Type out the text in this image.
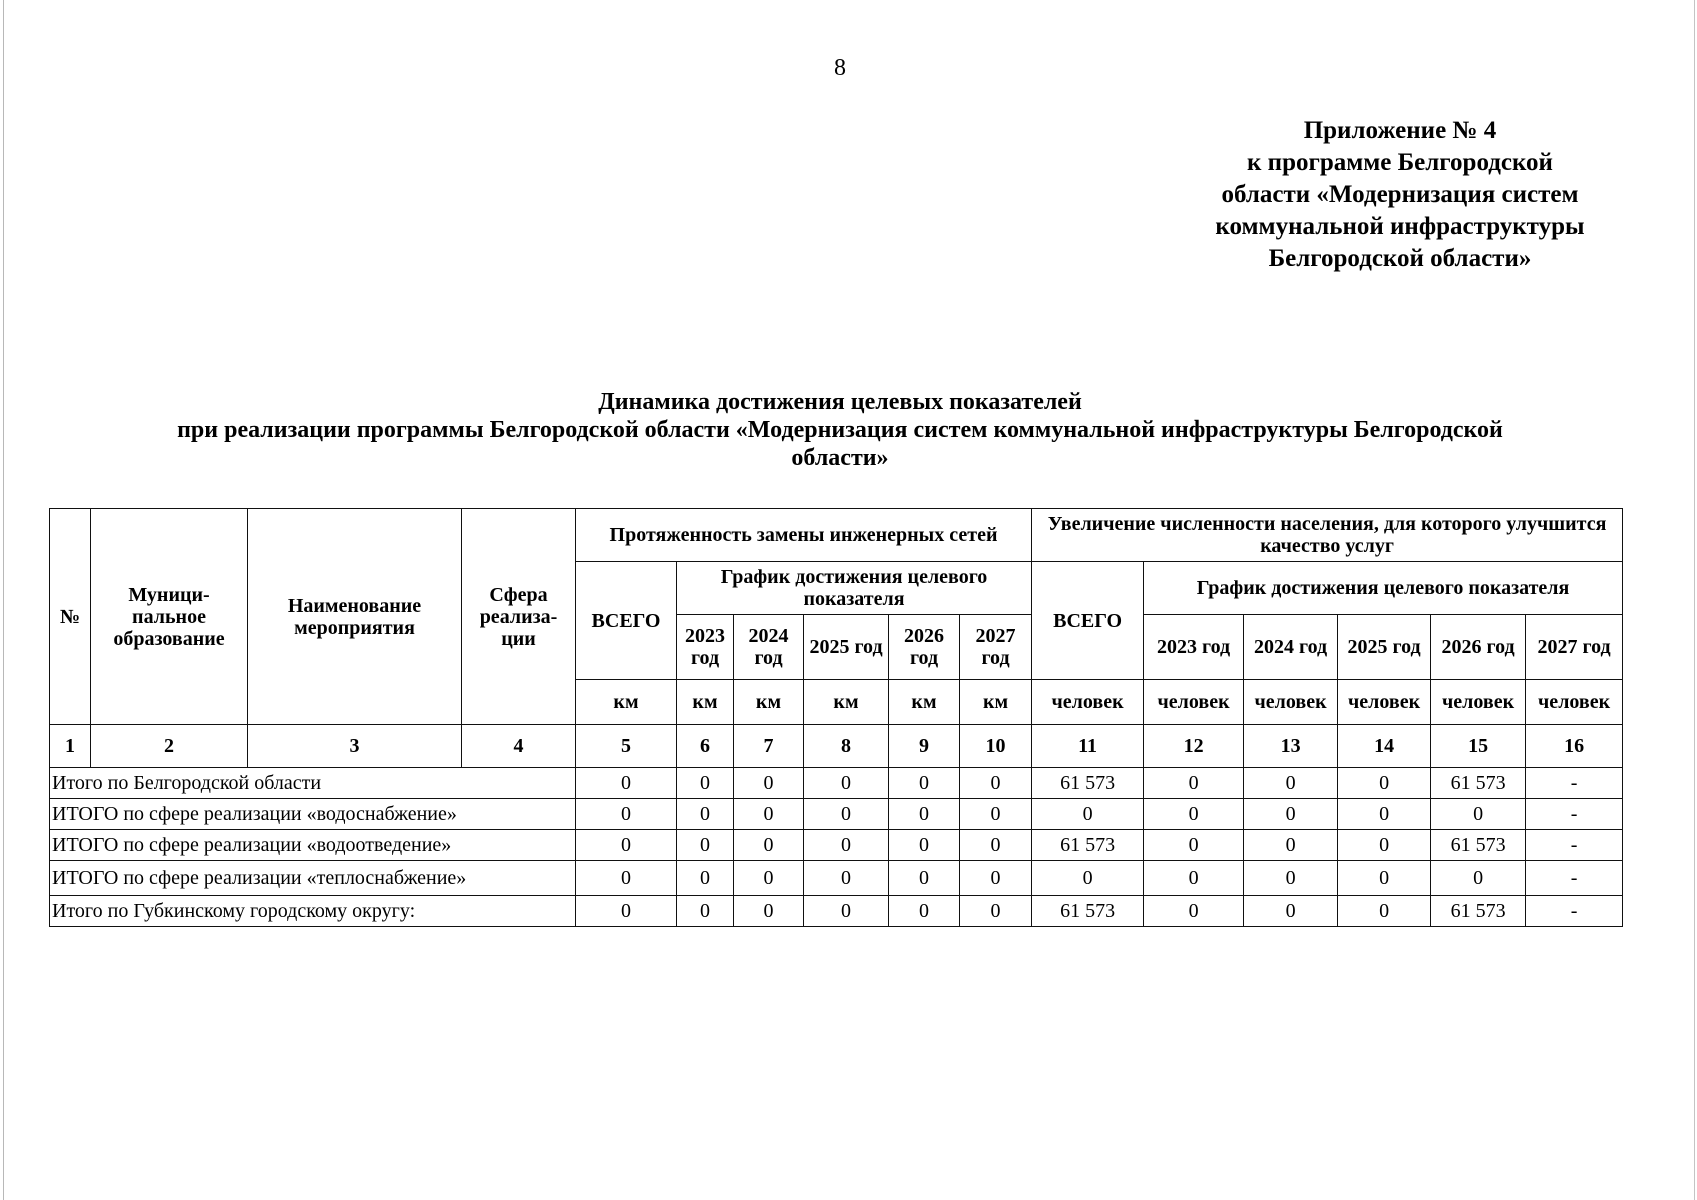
8
Приложение № 4
к программе Белгородской
области «Модернизация систем
коммунальной инфраструктуры
Белгородской области»
Динамика достижения целевых показателей
при реализации программы Белгородской области «Модернизация систем коммунальной инфраструктуры Белгородской
области»
№	Муници-пальное образование	Наименование мероприятия	Сфера реализа-ции	Протяженность замены инженерных сетей						Увеличение численности населения, для которого улучшится качество услуг					
				ВСЕГО	График достижения целевого показателя					ВСЕГО	График достижения целевого показателя				
					2023 год	2024 год	2025 год	2026 год	2027 год		2023 год	2024 год	2025 год	2026 год	2027 год
				км	км	км	км	км	км	человек	человек	человек	человек	человек	человек
1	2	3	4	5	6	7	8	9	10	11	12	13	14	15	16
Итого по Белгородской области				0	0	0	0	0	0	61 573	0	0	0	61 573	-
ИТОГО по сфере реализации «водоснабжение»				0	0	0	0	0	0	0	0	0	0	0	-
ИТОГО по сфере реализации «водоотведение»				0	0	0	0	0	0	61 573	0	0	0	61 573	-
ИТОГО по сфере реализации «теплоснабжение»				0	0	0	0	0	0	0	0	0	0	0	-
Итого по Губкинскому городскому округу:				0	0	0	0	0	0	61 573	0	0	0	61 573	-
